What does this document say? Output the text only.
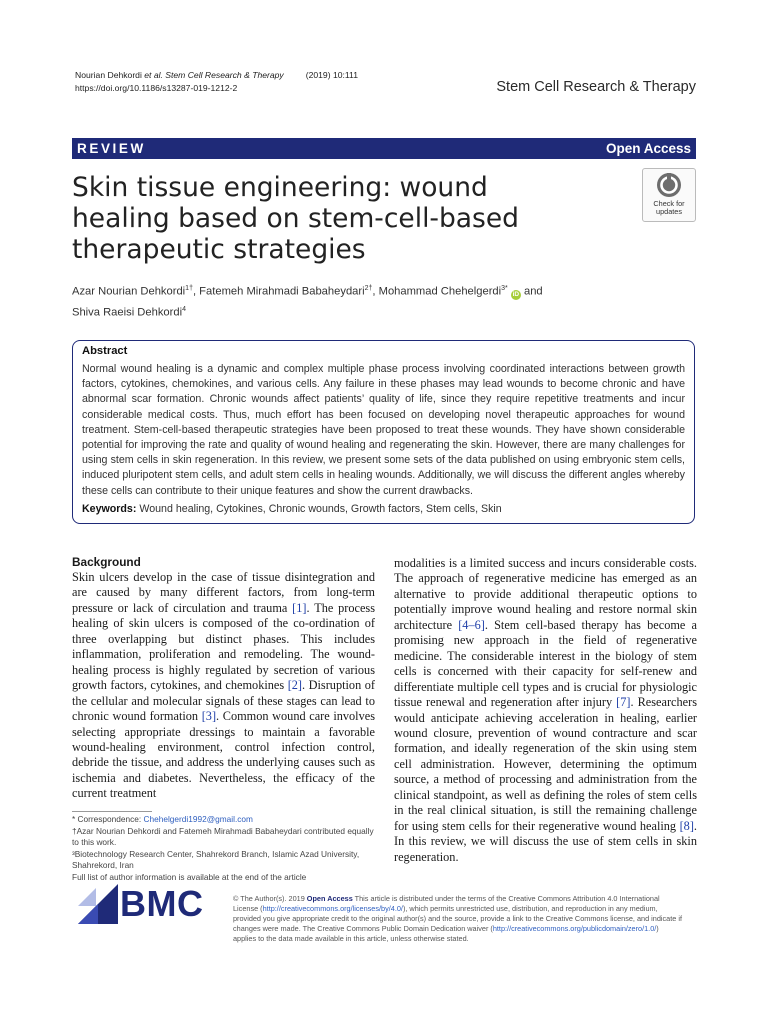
Nourian Dehkordi et al. Stem Cell Research & Therapy	(2019) 10:111
https://doi.org/10.1186/s13287-019-1212-2	Stem Cell Research & Therapy
REVIEW	Open Access
Skin tissue engineering: wound healing based on stem-cell-based therapeutic strategies
Check for
updates
Azar Nourian Dehkordi$^{1\dagger}$, Fatemeh Mirahmadi Babaheydari$^{2\dagger}$, Mohammad Chehelgerdi$^{3*}$ iD and
Shiva Raeisi Dehkordi$^4$
Abstract
Normal wound healing is a dynamic and complex multiple phase process involving coordinated interactions between growth factors, cytokines, chemokines, and various cells. Any failure in these phases may lead wounds to become chronic and have abnormal scar formation. Chronic wounds affect patients’ quality of life, since they require repetitive treatments and incur considerable medical costs. Thus, much effort has been focused on developing novel therapeutic approaches for wound treatment. Stem-cell-based therapeutic strategies have been proposed to treat these wounds. They have shown considerable potential for improving the rate and quality of wound healing and regenerating the skin. However, there are many challenges for using stem cells in skin regeneration. In this review, we present some sets of the data published on using embryonic stem cells, induced pluripotent stem cells, and adult stem cells in healing wounds. Additionally, we will discuss the different angles whereby these cells can contribute to their unique features and show the current drawbacks.
Keywords: Wound healing, Cytokines, Chronic wounds, Growth factors, Stem cells, Skin
Background
Skin ulcers develop in the case of tissue disintegration and are caused by many different factors, from long-term pressure or lack of circulation and trauma [1]. The process healing of skin ulcers is composed of the co-ordination of three overlapping but distinct phases. This includes inflammation, proliferation and remodeling. The wound-healing process is highly regulated by secretion of various growth factors, cytokines, and chemokines [2]. Disruption of the cellular and molecular signals of these stages can lead to chronic wound formation [3]. Common wound care involves selecting appropriate dressings to maintain a favorable wound-healing environment, control infection control, debride the tissue, and address the underlying causes such as ischemia and diabetes. Nevertheless, the efficacy of the current treatment
modalities is a limited success and incurs considerable costs. The approach of regenerative medicine has emerged as an alternative to provide additional therapeutic options to potentially improve wound healing and restore normal skin architecture [4–6]. Stem cell-based therapy has become a promising new approach in the field of regenerative medicine. The considerable interest in the biology of stem cells is concerned with their capacity for self-renew and differentiate multiple cell types and is crucial for physiologic tissue renewal and regeneration after injury [7]. Researchers would anticipate achieving acceleration in healing, earlier wound closure, prevention of wound contracture and scar formation, and ideally regeneration of the skin using stem cell administration. However, determining the optimum source, a method of processing and administration from the clinical standpoint, as well as defining the roles of stem cells in the real clinical situation, is still the remaining challenge for using stem cells for their regenerative wound healing [8]. In this review, we will discuss the use of stem cells in skin regeneration.

* Correspondence: Chehelgerdi1992@gmail.com

†Azar Nourian Dehkordi and Fatemeh Mirahmadi Babaheydari contributed equally to this work.

³Biotechnology Research Center, Shahrekord Branch, Islamic Azad University, Shahrekord, Iran

Full list of author information is available at the end of the article

BMC	© The Author(s). 2019 Open Access This article is distributed under the terms of the Creative Commons Attribution 4.0 International License (http://creativecommons.org/licenses/by/4.0/), which permits unrestricted use, distribution, and reproduction in any medium, provided you give appropriate credit to the original author(s) and the source, provide a link to the Creative Commons license, and indicate if changes were made. The Creative Commons Public Domain Dedication waiver (http://creativecommons.org/publicdomain/zero/1.0/) applies to the data made available in this article, unless otherwise stated.
